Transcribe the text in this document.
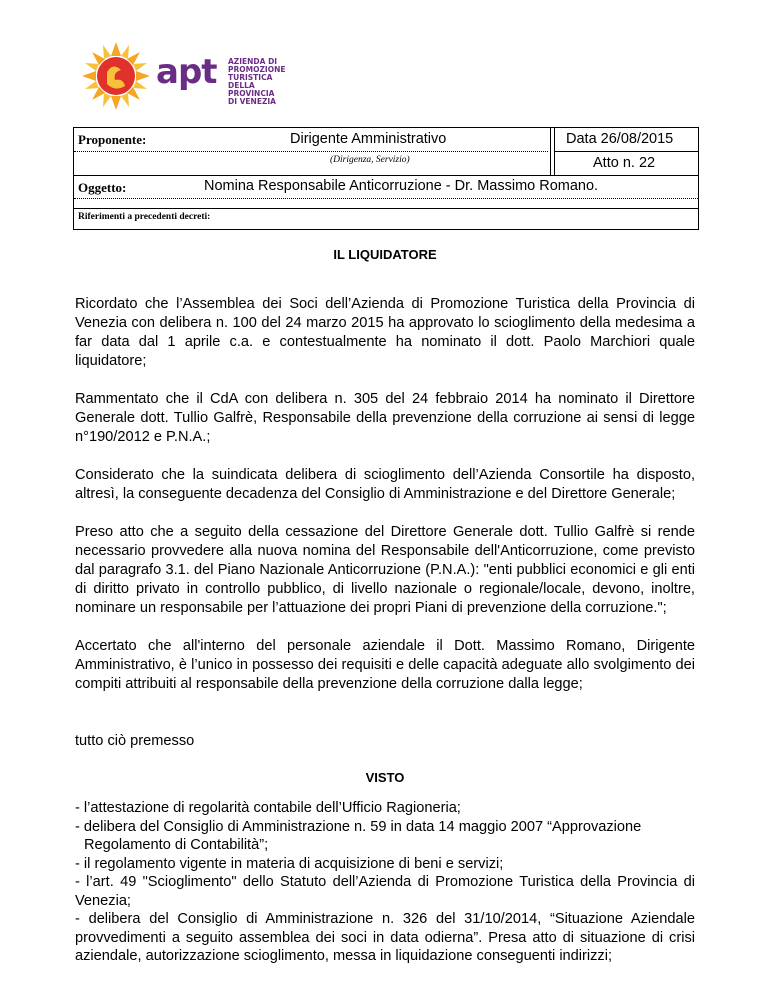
apt AZIENDA DI PROMOZIONE
TURISTICA DELLA
PROVINCIA DI VENEZIA
Proponente:	Dirigente Amministrativo
(Dirigenza, Servizio)
Data 26/08/2015
Atto n. 22
Oggetto:	Nomina Responsabile Anticorruzione - Dr. Massimo Romano.
Riferimenti a precedenti decreti:
IL LIQUIDATORE

Ricordato che l’Assemblea dei Soci dell’Azienda di Promozione Turistica della Provincia di Venezia con delibera n. 100 del 24 marzo 2015 ha approvato lo scioglimento della medesima a far data dal 1 aprile c.a. e contestualmente ha nominato il dott. Paolo Marchiori quale liquidatore;

Rammentato che il CdA con delibera n. 305 del 24 febbraio 2014 ha nominato il Direttore Generale dott. Tullio Galfrè, Responsabile della prevenzione della corruzione ai sensi di legge n°190/2012 e P.N.A.;

Considerato che la suindicata delibera di scioglimento dell’Azienda Consortile ha disposto, altresì, la conseguente decadenza del Consiglio di Amministrazione e del Direttore Generale;

Preso atto che a seguito della cessazione del Direttore Generale dott. Tullio Galfrè si rende necessario provvedere alla nuova nomina del Responsabile dell'Anticorruzione, come previsto dal paragrafo 3.1. del Piano Nazionale Anticorruzione (P.N.A.): "enti pubblici economici e gli enti di diritto privato in controllo pubblico, di livello nazionale o regionale/locale, devono, inoltre, nominare un responsabile per l’attuazione dei propri Piani di prevenzione della corruzione.";

Accertato che all'interno del personale aziendale il Dott. Massimo Romano, Dirigente Amministrativo, è l’unico in possesso dei requisiti e delle capacità adeguate allo svolgimento dei compiti attribuiti al responsabile della prevenzione della corruzione dalla legge;

tutto ciò premesso

VISTO
- l’attestazione di regolarità contabile dell’Ufficio Ragioneria;
- delibera del Consiglio di Amministrazione n. 59 in data 14 maggio 2007 “Approvazione
Regolamento di Contabilità”;
- il regolamento vigente in materia di acquisizione di beni e servizi;
- l’art. 49 "Scioglimento" dello Statuto dell’Azienda di Promozione Turistica della Provincia di Venezia;
- delibera del Consiglio di Amministrazione n. 326 del 31/10/2014, “Situazione Aziendale provvedimenti a seguito assemblea dei soci in data odierna”. Presa atto di situazione di crisi aziendale, autorizzazione scioglimento, messa in liquidazione conseguenti indirizzi;
